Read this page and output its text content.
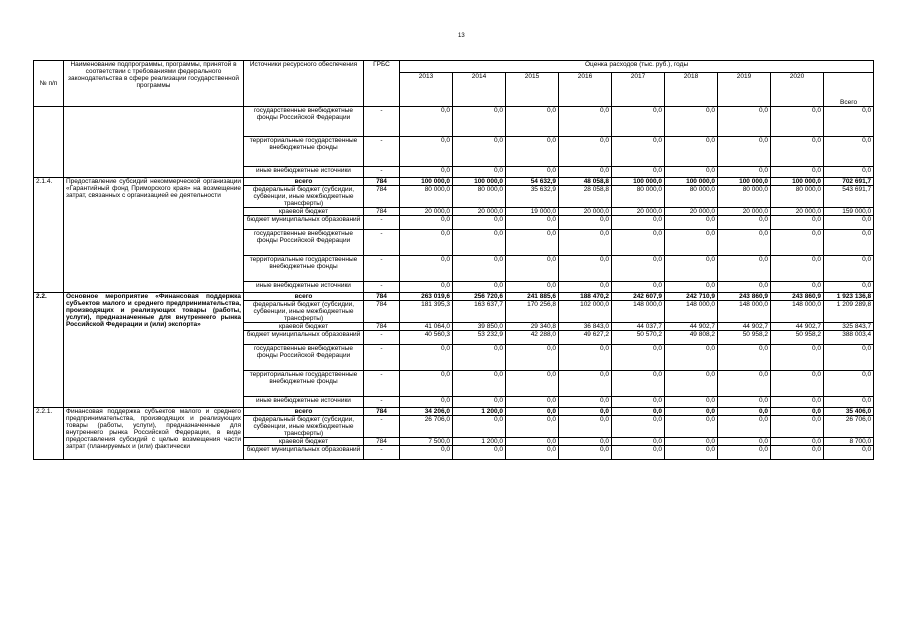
13
№ п/п	Наименование подпрограммы, программы, принятой в соответствии с требованиями федерального законодательства в сфере реализации государственной программы	Источники ресурсного обеспечения	ГРБС	Оценка расходов (тыс. руб.), годы								
				2013	2014	2015	2016	2017	2018	2019	2020	Всего
		государственные внебюджетные фонды Российской Федерации	-	0,0	0,0	0,0	0,0	0,0	0,0	0,0	0,0	0,0
		территориальные государственные внебюджетные фонды	-	0,0	0,0	0,0	0,0	0,0	0,0	0,0	0,0	0,0
		иные внебюджетные источники	-	0,0	0,0	0,0	0,0	0,0	0,0	0,0	0,0	0,0
2.1.4.	Предоставление субсидий некоммерческой организации «Гарантийный фонд Приморского края» на возмещение затрат, связанных с организацией ее деятельности	всего	784	100 000,0	100 000,0	54 632,9	48 058,8	100 000,0	100 000,0	100 000,0	100 000,0	702 691,7
		федеральный бюджет (субсидии, субвенции, иные межбюджетные трансферты)	784	80 000,0	80 000,0	35 632,9	28 058,8	80 000,0	80 000,0	80 000,0	80 000,0	543 691,7
		краевой бюджет	784	20 000,0	20 000,0	19 000,0	20 000,0	20 000,0	20 000,0	20 000,0	20 000,0	159 000,0
		бюджет муниципальных образований	-	0,0	0,0	0,0	0,0	0,0	0,0	0,0	0,0	0,0
		государственные внебюджетные фонды Российской Федерации	-	0,0	0,0	0,0	0,0	0,0	0,0	0,0	0,0	0,0
		территориальные государственные внебюджетные фонды	-	0,0	0,0	0,0	0,0	0,0	0,0	0,0	0,0	0,0
		иные внебюджетные источники	-	0,0	0,0	0,0	0,0	0,0	0,0	0,0	0,0	0,0
2.2.	Основное мероприятие «Финансовая поддержка субъектов малого и среднего предпринимательства, производящих и реализующих товары (работы, услуги), предназначенные для внутреннего рынка Российской Федерации и (или) экспорта»	всего	784	263 019,6	256 720,6	241 885,6	188 470,2	242 607,9	242 710,9	243 860,9	243 860,9	1 923 136,8
		федеральный бюджет (субсидии, субвенции, иные межбюджетные трансферты)	784	181 395,3	163 637,7	170 256,8	102 000,0	148 000,0	148 000,0	148 000,0	148 000,0	1 209 289,8
		краевой бюджет	784	41 064,0	39 850,0	29 340,8	36 843,0	44 037,7	44 902,7	44 902,7	44 902,7	325 843,7
		бюджет муниципальных образований	-	40 560,3	53 232,9	42 288,0	49 627,2	50 570,2	49 808,2	50 958,2	50 958,2	388 003,4
		государственные внебюджетные фонды Российской Федерации	-	0,0	0,0	0,0	0,0	0,0	0,0	0,0	0,0	0,0
		территориальные государственные внебюджетные фонды	-	0,0	0,0	0,0	0,0	0,0	0,0	0,0	0,0	0,0
		иные внебюджетные источники	-	0,0	0,0	0,0	0,0	0,0	0,0	0,0	0,0	0,0
2.2.1.	Финансовая поддержка субъектов малого и среднего предпринимательства, производящих и реализующих товары (работы, услуги), предназначенные для внутреннего рынка Российской Федерации, в виде предоставления субсидий с целью возмещения части затрат (планируемых и (или) фактически	всего	784	34 206,0	1 200,0	0,0	0,0	0,0	0,0	0,0	0,0	35 406,0
		федеральный бюджет (субсидии, субвенции, иные межбюджетные трансферты)	-	26 706,0	0,0	0,0	0,0	0,0	0,0	0,0	0,0	26 706,0
		краевой бюджет	784	7 500,0	1 200,0	0,0	0,0	0,0	0,0	0,0	0,0	8 700,0
		бюджет муниципальных образований	-	0,0	0,0	0,0	0,0	0,0	0,0	0,0	0,0	0,0
